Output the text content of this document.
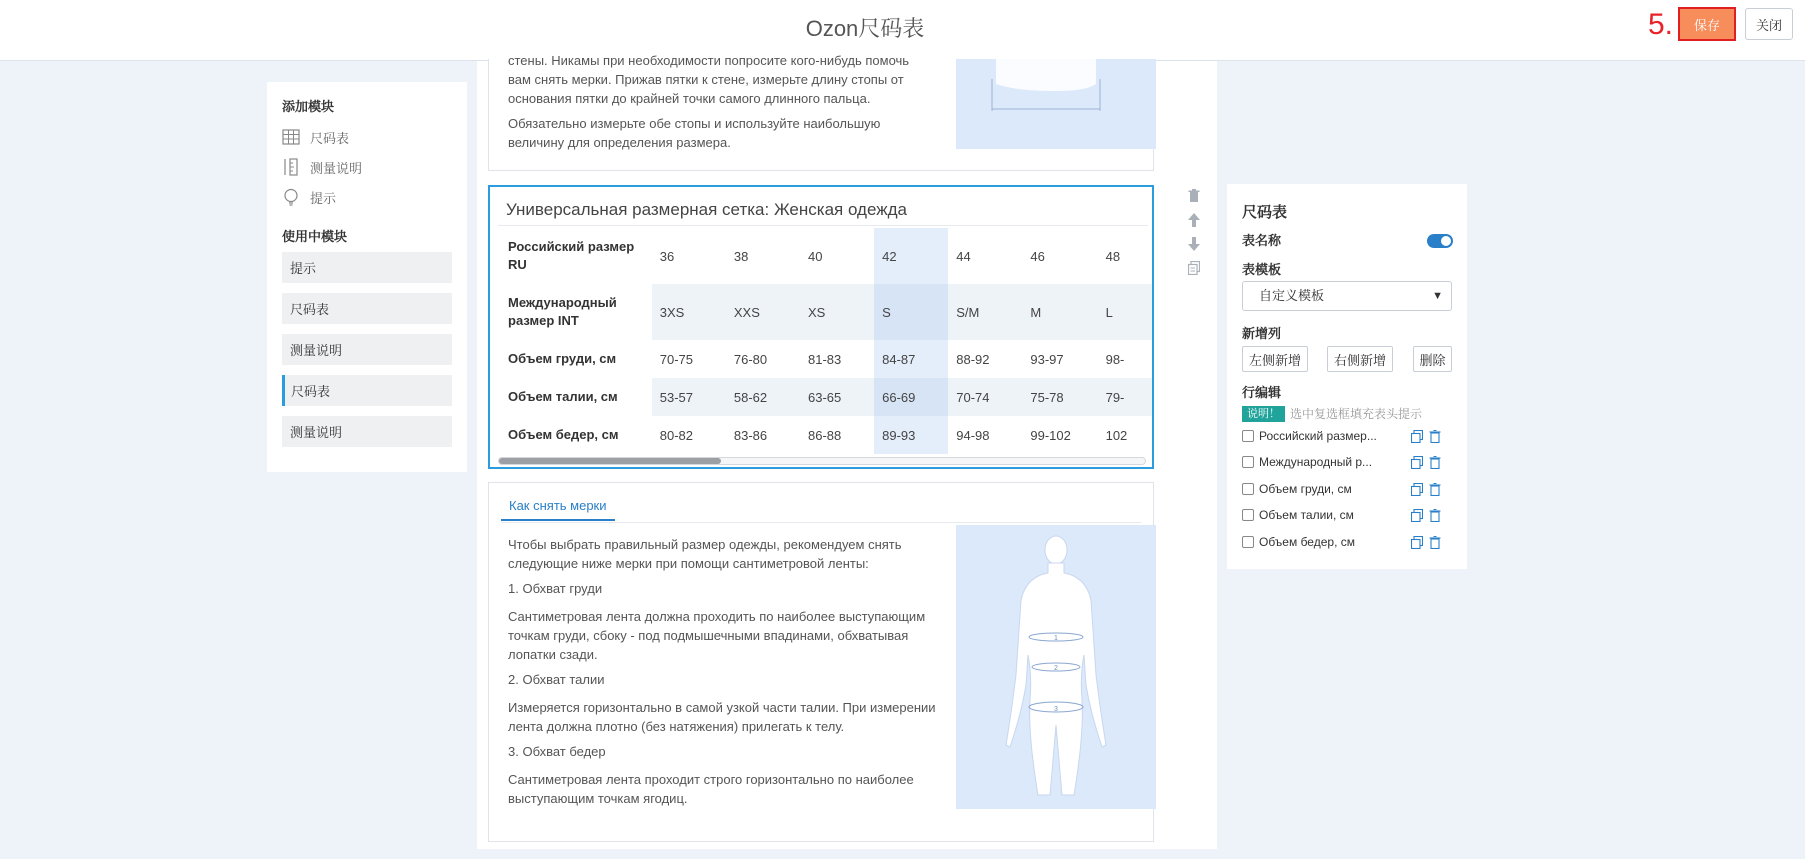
Ozon尺码表	5.	保存	关闭
添加模块
尺码表
测量说明
提示
使用中模块
提示
尺码表
测量说明
尺码表
测量说明

стены. Никамы при необходимости попросите кого-нибудь помочь

вам снять мерки. Прижав пятки к стене, измерьте длину стопы от

основания пятки до крайней точки самого длинного пальца.

Обязательно измерьте обе стопы и используйте наибольшую

величину для определения размера.

Универсальная размерная сетка: Женская одежда
Российский размер RU	36	38	40	42	44	46	48
Международный размер INT	3XS	XXS	XS	S	S/M	M	L
Объем груди, см	70-75	76-80	81-83	84-87	88-92	93-97	98-
Объем талии, см	53-57	58-62	63-65	66-69	70-74	75-78	79-
Объем бедер, см	80-82	83-86	86-88	89-93	94-98	99-102	102
Как снять мерки

Чтобы выбрать правильный размер одежды, рекомендуем снять

следующие ниже мерки при помощи сантиметровой ленты:

1. Обхват груди

Сантиметровая лента должна проходить по наиболее выступающим

точкам груди, сбоку - под подмышечными впадинами, обхватывая

лопатки сзади.

2. Обхват талии

Измеряется горизонтально в самой узкой части талии. При измерении

лента должна плотно (без натяжения) прилегать к телу.

3. Обхват бедер

Сантиметровая лента проходит строго горизонтально по наиболее

выступающим точкам ягодиц.

1
2
3
尺码表
表名称
表模板
自定义模板	▼
新增列
左侧新增	右侧新增	删除
行编辑
说明！ 选中复选框填充表头提示
Российский размер...
Международный р...
Объем груди, см
Объем талии, см
Объем бедер, см
